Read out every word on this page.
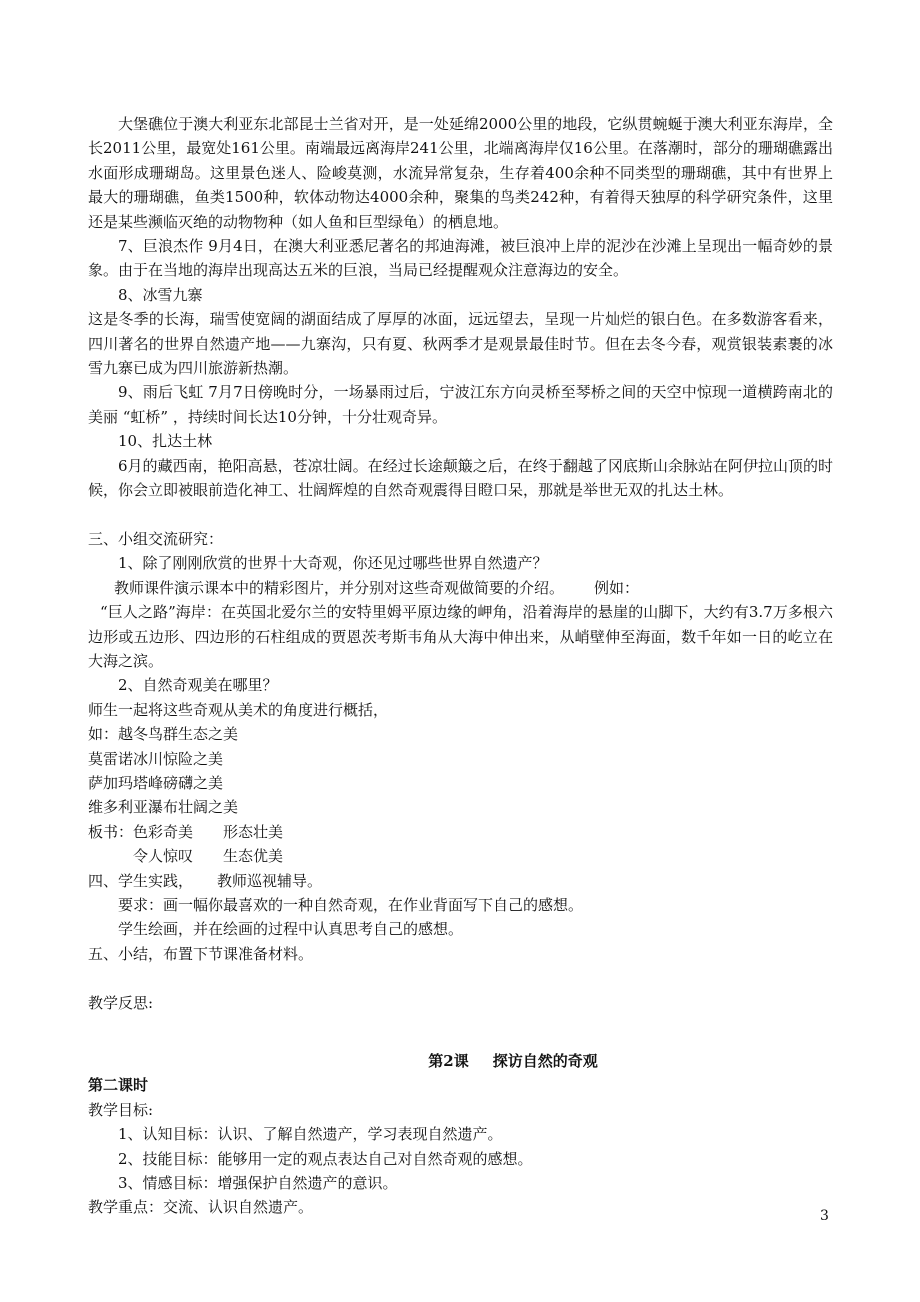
大堡礁位于澳大利亚东北部昆士兰省对开，是一处延绵2000公里的地段，它纵贯蜿蜒于澳大利亚东海岸，全长2011公里，最宽处161公里。南端最远离海岸241公里，北端离海岸仅16公里。在落潮时，部分的珊瑚礁露出水面形成珊瑚岛。这里景色迷人、险峻莫测，水流异常复杂，生存着400余种不同类型的珊瑚礁，其中有世界上最大的珊瑚礁，鱼类1500种，软体动物达4000余种，聚集的鸟类242种，有着得天独厚的科学研究条件，这里还是某些濒临灭绝的动物物种（如人鱼和巨型绿龟）的栖息地。

7、巨浪杰作 9月4日，在澳大利亚悉尼著名的邦迪海滩，被巨浪冲上岸的泥沙在沙滩上呈现出一幅奇妙的景象。由于在当地的海岸出现高达五米的巨浪，当局已经提醒观众注意海边的安全。

8、冰雪九寨

这是冬季的长海，瑞雪使宽阔的湖面结成了厚厚的冰面，远远望去，呈现一片灿烂的银白色。在多数游客看来，四川著名的世界自然遗产地——九寨沟，只有夏、秋两季才是观景最佳时节。但在去冬今春，观赏银装素裹的冰雪九寨已成为四川旅游新热潮。

9、雨后飞虹 7月7日傍晚时分，一场暴雨过后，宁波江东方向灵桥至琴桥之间的天空中惊现一道横跨南北的美丽 “虹桥” ，持续时间长达10分钟，十分壮观奇异。

10、扎达土林

6月的藏西南，艳阳高悬，苍凉壮阔。在经过长途颠簸之后，在终于翻越了冈底斯山余脉站在阿伊拉山顶的时候，你会立即被眼前造化神工、壮阔辉煌的自然奇观震得目瞪口呆，那就是举世无双的扎达土林。

三、小组交流研究：

1、除了刚刚欣赏的世界十大奇观，你还见过哪些世界自然遗产？

教师课件演示课本中的精彩图片，并分别对这些奇观做简要的介绍。 例如：

“巨人之路”海岸：在英国北爱尔兰的安特里姆平原边缘的岬角，沿着海岸的悬崖的山脚下，大约有3.7万多根六边形或五边形、四边形的石柱组成的贾恩茨考斯韦角从大海中伸出来，从峭壁伸至海面，数千年如一日的屹立在大海之滨。

2、自然奇观美在哪里？

师生一起将这些奇观从美术的角度进行概括，

如：越冬鸟群生态之美

莫雷诺冰川惊险之美

萨加玛塔峰磅礴之美

维多利亚瀑布壮阔之美

板书：色彩奇美 形态壮美

令人惊叹 生态优美

四、学生实践， 教师巡视辅导。

要求：画一幅你最喜欢的一种自然奇观，在作业背面写下自己的感想。

学生绘画，并在绘画的过程中认真思考自己的感想。

五、小结，布置下节课准备材料。

教学反思:

第2课 探访自然的奇观

第二课时

教学目标:

1、认知目标：认识、了解自然遗产，学习表现自然遗产。

2、技能目标：能够用一定的观点表达自己对自然奇观的感想。

3、情感目标：增强保护自然遗产的意识。

教学重点：交流、认识自然遗产。	3
